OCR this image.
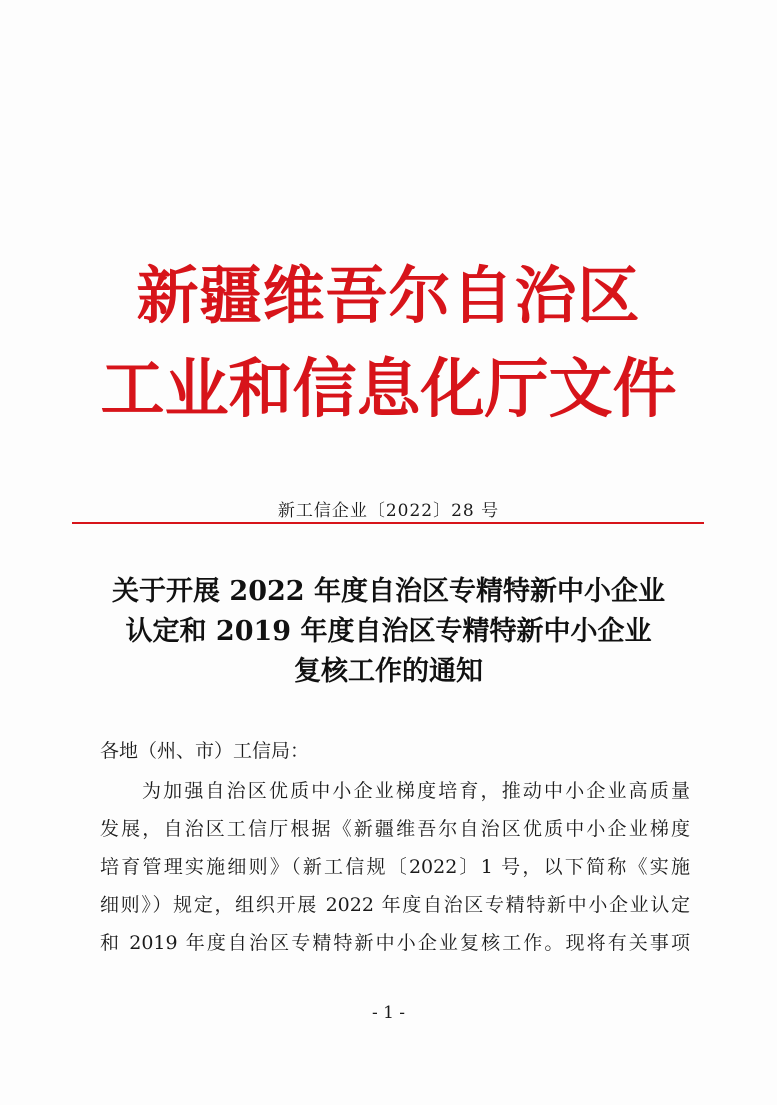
新疆维吾尔自治区
工业和信息化厅文件
新工信企业〔2022〕28 号
关于开展 2022 年度自治区专精特新中小企业
认定和 2019 年度自治区专精特新中小企业
复核工作的通知
各地（州、市）工信局：
为加强自治区优质中小企业梯度培育，推动中小企业高质量
发展，自治区工信厅根据《新疆维吾尔自治区优质中小企业梯度
培育管理实施细则》（新工信规〔2022〕1 号，以下简称《实施
细则》）规定，组织开展 2022 年度自治区专精特新中小企业认定
和 2019 年度自治区专精特新中小企业复核工作。现将有关事项
- 1 -
